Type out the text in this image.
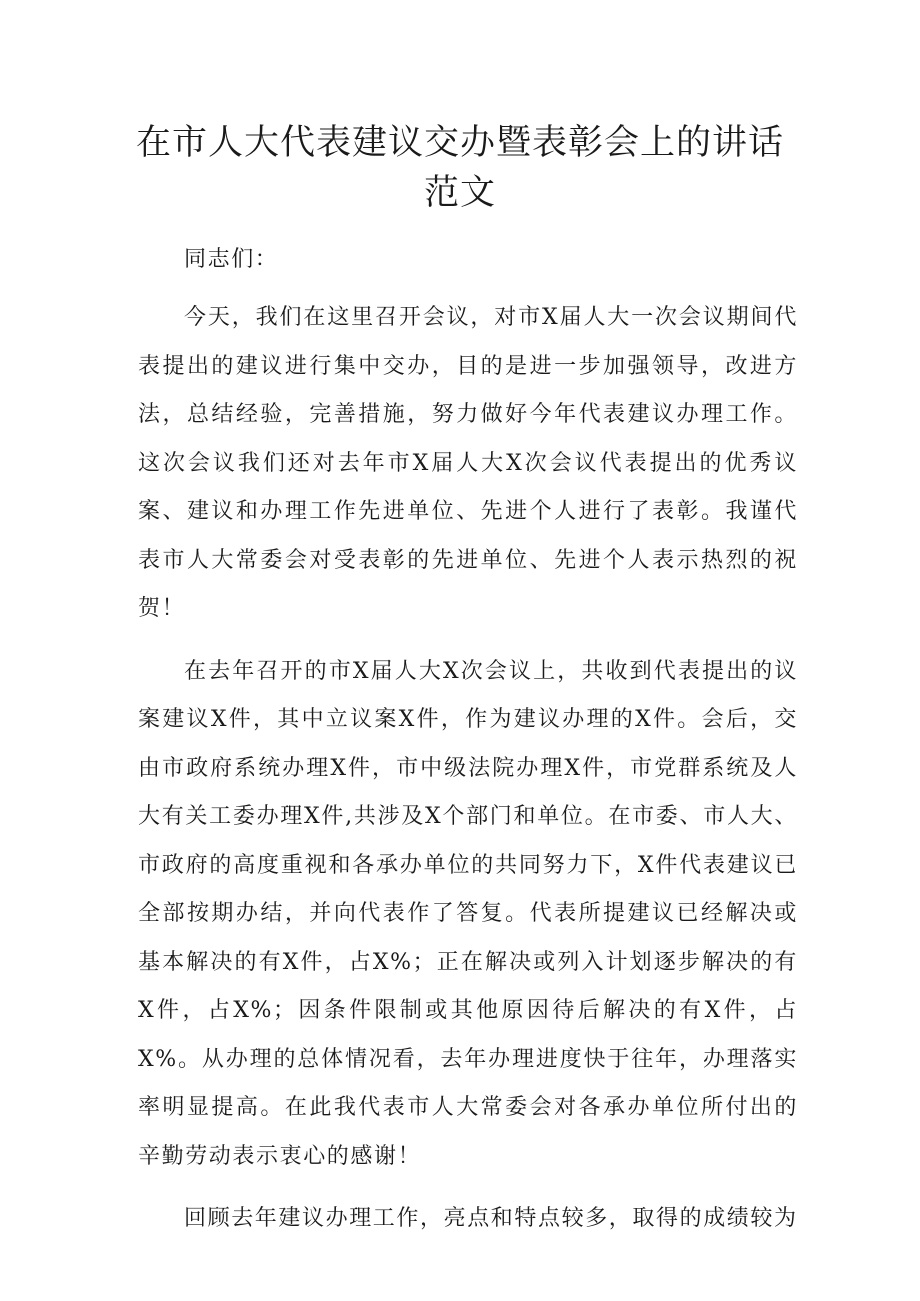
在市人大代表建议交办暨表彰会上的讲话
范文

同志们：

今天，我们在这里召开会议，对市X届人大一次会议期间代表提出的建议进行集中交办，目的是进一步加强领导，改进方法，总结经验，完善措施，努力做好今年代表建议办理工作。这次会议我们还对去年市X届人大X次会议代表提出的优秀议案、建议和办理工作先进单位、先进个人进行了表彰。我谨代表市人大常委会对受表彰的先进单位、先进个人表示热烈的祝贺！

在去年召开的市X届人大X次会议上，共收到代表提出的议案建议X件，其中立议案X件，作为建议办理的X件。会后，交由市政府系统办理X件，市中级法院办理X件，市党群系统及人大有关工委办理X件,共涉及X个部门和单位。在市委、市人大、市政府的高度重视和各承办单位的共同努力下，X件代表建议已全部按期办结，并向代表作了答复。代表所提建议已经解决或基本解决的有X件，占X%；正在解决或列入计划逐步解决的有X件，占X%；因条件限制或其他原因待后解决的有X件，占X%。从办理的总体情况看，去年办理进度快于往年，办理落实率明显提高。在此我代表市人大常委会对各承办单位所付出的辛勤劳动表示衷心的感谢！

回顾去年建议办理工作，亮点和特点较多，取得的成绩较为
